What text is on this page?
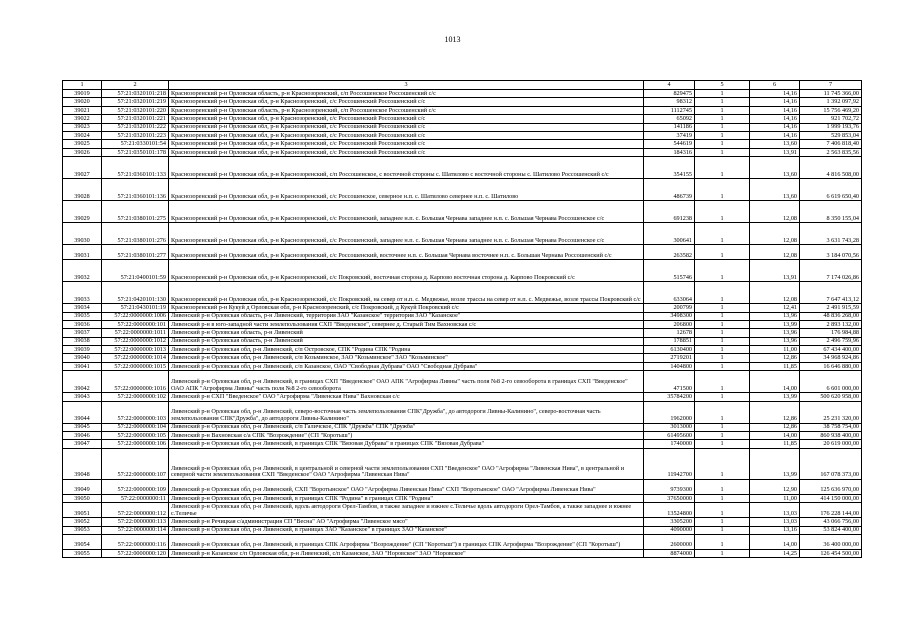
1013
1	2	3	4	5	6	7
39019	57:21:0320101:218	Краснозоренский р-н Орловская область, р-н Краснозоренский, с/п Россошенское Россошенский с/с	829475	1	14,16	11 745 366,00
39020	57:21:0320101:219	Краснозоренский р-н Орловская обл, р-н Краснозоренский, с/с Россошенский Россошенский с/с	98312	1	14,16	1 392 097,92
39021	57:21:0320101:220	Краснозоренский р-н Орловская область, р-н Краснозоренский, с/п Россошенское Россошенский с/с	1112745	1	14,16	15 756 469,20
39022	57:21:0320101:221	Краснозоренский р-н Орловская обл, р-н Краснозоренский, с/с Россошенский Россошенский с/с	65092	1	14,16	921 702,72
39023	57:21:0320101:222	Краснозоренский р-н Орловская обл, р-н Краснозоренский, с/с Россошенский Россошенский с/с	141186	1	14,16	1 999 193,76
39024	57:21:0320101:223	Краснозоренский р-н Орловская обл, р-н Краснозоренский, с/с Россошенский Россошенский с/с	37419	1	14,16	529 853,04
39025	57:21:0330101:54	Краснозоренский р-н Орловская обл, р-н Краснозоренский, с/с Россошенский Россошенский с/с	544619	1	13,60	7 406 818,40
39026	57:21:0350101:178	Краснозоренский р-н Орловская обл, р-н Краснозоренский, с/с Россошенский Россошенский с/с	184316	1	13,91	2 563 835,56
39027	57:21:0360101:133	Краснозоренский р-н Орловская обл, р-н Краснозоренский, с/п Россошенское, с восточной стороны с. Шатилово с восточной стороны с. Шатилово Россошенский с/с	354155	1	13,60	4 816 508,00
39028	57:21:0360101:136	Краснозоренский р-н Орловская обл, р-н Краснозоренский, с/с Россошенское, северное н.п. с. Шатилово севернее н.п. с. Шатилово	486739	1	13,60	6 619 650,40
39029	57:21:0380101:275	Краснозоренский р-н Орловская обл, р-н Краснозоренский, с/с Россошенский, западнее н.п. с. Большая Чернава западнее н.п. с. Большая Чернава Россошенское с/с	691238	1	12,08	8 350 155,04
39030	57:21:0380101:276	Краснозоренский р-н Орловская обл, р-н Краснозоренский, с/с Россошенский, западнее н.п. с. Большая Чернава западнее н.п. с. Большая Чернава Россошенское с/с	300641	1	12,08	3 631 743,28
39031	57:21:0380101:277	Краснозоренский р-н Орловская обл, р-н Краснозоренский, с/с Россошенский, восточнее н.п. с. Большая Чернава восточнее н.п. с. Большая Чернава Россошенский с/с	263582	1	12,08	3 184 070,56
39032	57:21:0400101:59	Краснозоренский р-н Орловская обл, р-н Краснозоренский, с/с Покровский, восточная сторона д. Карпово восточная сторона д. Карпово Покровский с/с	515746	1	13,91	7 174 026,86
39033	57:21:0420101:130	Краснозоренский р-н Орловская обл, р-н Краснозоренский, с/с Покровский, на север от н.п. с. Медвежье, возле трассы на север от н.п. с. Медвежье, возле трассы Покровский с/с	633064	1	12,08	7 647 413,12
39034	57:21:0430101:19	Краснозоренский р-н Кукуй д Орловская обл, р-н Краснозоренский, с/с Покровский, д Кукуй Покровский с/с	200799	1	12,41	2 491 915,59
39035	57:22:0000000:1006	Ливенский р-н Орловская область, р-н Ливенский, территория ЗАО "Казанское" территория ЗАО "Казанское"	3498300	1	13,96	48 836 268,00
39036	57:22:0000000:101	Ливенский р-н в юго-западной части землепользования СХП "Введенское", севернее д. Старый Тим Вахновская с/с	206800	1	13,99	2 893 132,00
39037	57:22:0000000:1011	Ливенский р-н Орловская область, р-н Ливенский	12678	1	13,96	176 984,88
39038	57:22:0000000:1012	Ливенский р-н Орловская область, р-н Ливенский	178851	1	13,96	2 496 759,96
39039	57:22:0000000:1013	Ливенский р-н Орловская обл, р-н Ливенский, с/п Островское, СПК "Родина СПК "Родина	6130400	1	11,00	67 434 400,00
39040	57:22:0000000:1014	Ливенский р-н Орловская обл, р-н Ливенский, с/п Козьминское, ЗАО "Козьминское" ЗАО "Козьминское"	2719201	1	12,86	34 968 924,86
39041	57:22:0000000:1015	Ливенский р-н Орловская обл, р-н Ливенский, с/п Казанское, ОАО "Свободная Дубрава" ОАО "Свободная Дубрава"	1404800	1	11,85	16 646 880,00
39042	57:22:0000000:1016	Ливенский р-н Орловская обл, р-н Ливенский, в границах СХП "Введенское" ОАО АПК "Агрофирма Ливны" часть поля №8 2-го севооборота в границах СХП "Введенское" ОАО АПК "Агрофирма Ливны" часть поля №8 2-го севооборота	471500	1	14,00	6 601 000,00
39043	57:22:0000000:102	Ливенский р-н СХП "Введенское" ОАО "Агрофирма "Ливенская Нива" Вахновская с/с	35784200	1	13,99	500 620 958,00
39044	57:22:0000000:103	Ливенский р-н Орловская обл, р-н Ливенский, северо-восточная часть землепользования СПК"Дружба", до автодороги Ливны-Калинино", северо-восточная часть землепользования СПК"Дружба", до автодороги Ливны-Калинино"	1962000	1	12,86	25 231 320,00
39045	57:22:0000000:104	Ливенский р-н Орловская обл, р-н Ливенский, с/п Галичское, СПК "Дружба" СПК "Дружба"	3013000	1	12,86	38 758 754,00
39046	57:22:0000000:105	Ливенский р-н Вахновская с/а СПК "Возрождение" (СП "Коротыш")	61495600	1	14,00	860 938 400,00
39047	57:22:0000000:106	Ливенский р-н Орловская обл, р-н Ливенский, в границах СПК "Вязовая Дубрава" в границах СПК "Вязовая Дубрава"	1740000	1	11,85	20 619 000,00
39048	57:22:0000000:107	Ливенский р-н Орловская обл, р-н Ливенский, в центральной и северной части землепользования СХП "Введенское" ОАО "Агрофирма "Ливенская Нива", в центральной и северной части землепользования СХП "Введенское" ОАО "Агрофирма "Ливенская Нива"	11942700	1	13,99	167 078 373,00
39049	57:22:0000000:109	Ливенский р-н Орловская обл, р-н Ливенский, СХП "Воротынское" ОАО "Агрофирма Ливенская Нива" СХП "Воротынское" ОАО "Агрофирма Ливенская Нива"	9739300	1	12,90	125 636 970,00
39050	57:22:0000000:11	Ливенский р-н Орловская обл, р-н Ливенский, в границах СПК "Родина" в границах СПК "Родина"	37650000	1	11,00	414 150 000,00
39051	57:22:0000000:112	Ливенский р-н Орловская обл, р-н Ливенский, вдоль автодороги Орел-Тамбов, в также западнее и южнее с.Теличье вдоль автодороги Орел-Тамбов, а также западнее и южнее с.Теличье	13524800	1	13,03	176 228 144,00
39052	57:22:0000000:113	Ливенский р-н Речицкая с/администрация СП "Весна" АО "Агрофирма "Ливенское мясо"	3305200	1	13,03	43 066 756,00
39053	57:22:0000000:114	Ливенский р-н Орловская обл, р-н Ливенский, в границах ЗАО "Казанское" в границах ЗАО "Казанское"	4090000	1	13,16	53 824 400,00
39054	57:22:0000000:116	Ливенский р-н Орловская обл, р-н Ливенский, в границах СПК Агрофирма "Возрождение" (СП "Коротыш") в границах СПК Агрофирма "Возрождение" (СП "Коротыш")	2600000	1	14,00	36 400 000,00
39055	57:22:0000000:120	Ливенский р-н Казанское с/п Орловская обл, р-н Ливенский, с/п Казанское, ЗАО "Норовское" ЗАО "Норовское"	8874000	1	14,25	126 454 500,00
